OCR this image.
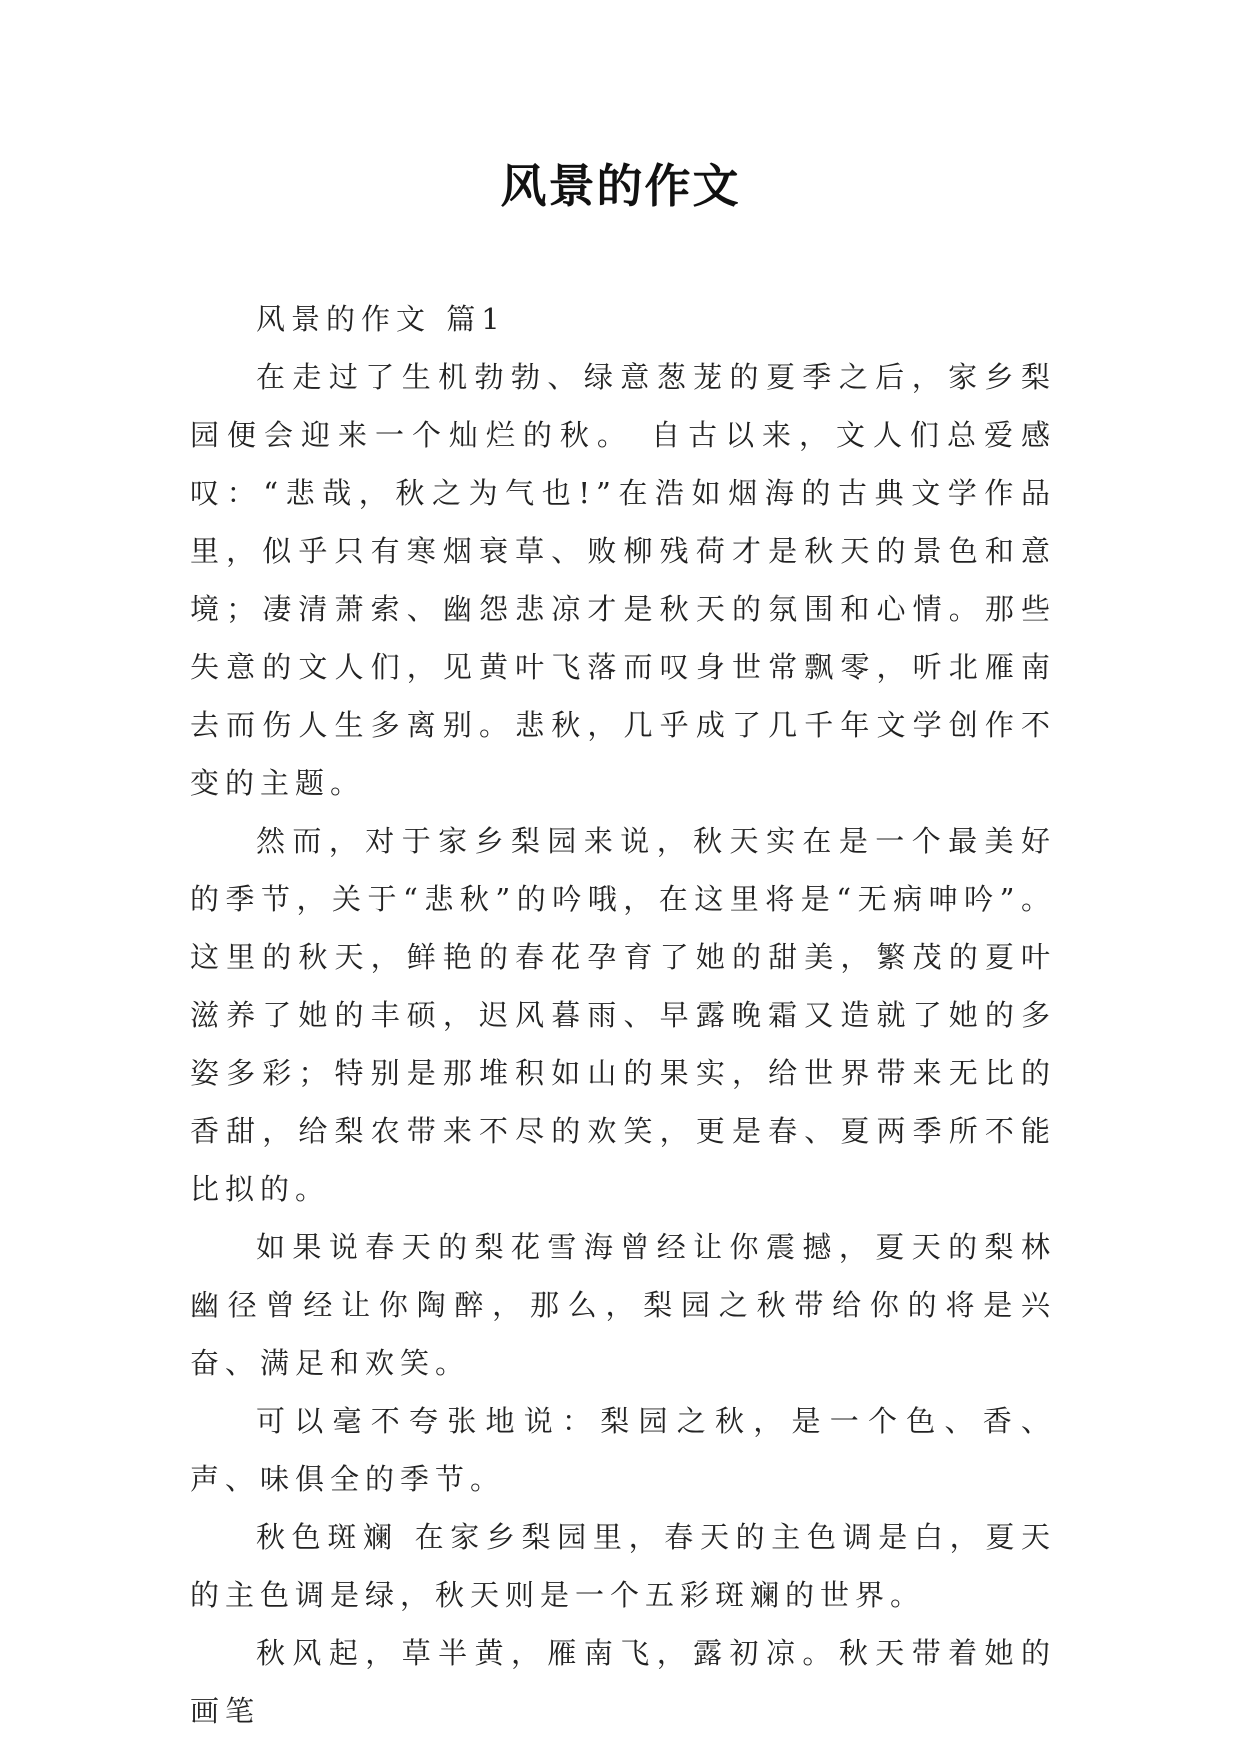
风景的作文

风景的作文 篇1

在走过了生机勃勃、绿意葱茏的夏季之后，家乡梨园便会迎来一个灿烂的秋。 自古以来，文人们总爱感叹：“悲哉，秋之为气也!”在浩如烟海的古典文学作品里，似乎只有寒烟衰草、败柳残荷才是秋天的景色和意境；凄清萧索、幽怨悲凉才是秋天的氛围和心情。那些失意的文人们，见黄叶飞落而叹身世常飘零，听北雁南去而伤人生多离别。悲秋，几乎成了几千年文学创作不变的主题。

然而，对于家乡梨园来说，秋天实在是一个最美好的季节，关于“悲秋”的吟哦，在这里将是“无病呻吟”。这里的秋天，鲜艳的春花孕育了她的甜美，繁茂的夏叶滋养了她的丰硕，迟风暮雨、早露晚霜又造就了她的多姿多彩；特别是那堆积如山的果实，给世界带来无比的香甜，给梨农带来不尽的欢笑，更是春、夏两季所不能比拟的。

如果说春天的梨花雪海曾经让你震撼，夏天的梨林幽径曾经让你陶醉，那么，梨园之秋带给你的将是兴奋、满足和欢笑。

可以毫不夸张地说：梨园之秋，是一个色、香、声、味俱全的季节。

秋色斑斓 在家乡梨园里，春天的主色调是白，夏天的主色调是绿，秋天则是一个五彩斑斓的世界。

秋风起，草半黄，雁南飞，露初凉。秋天带着她的画笔
